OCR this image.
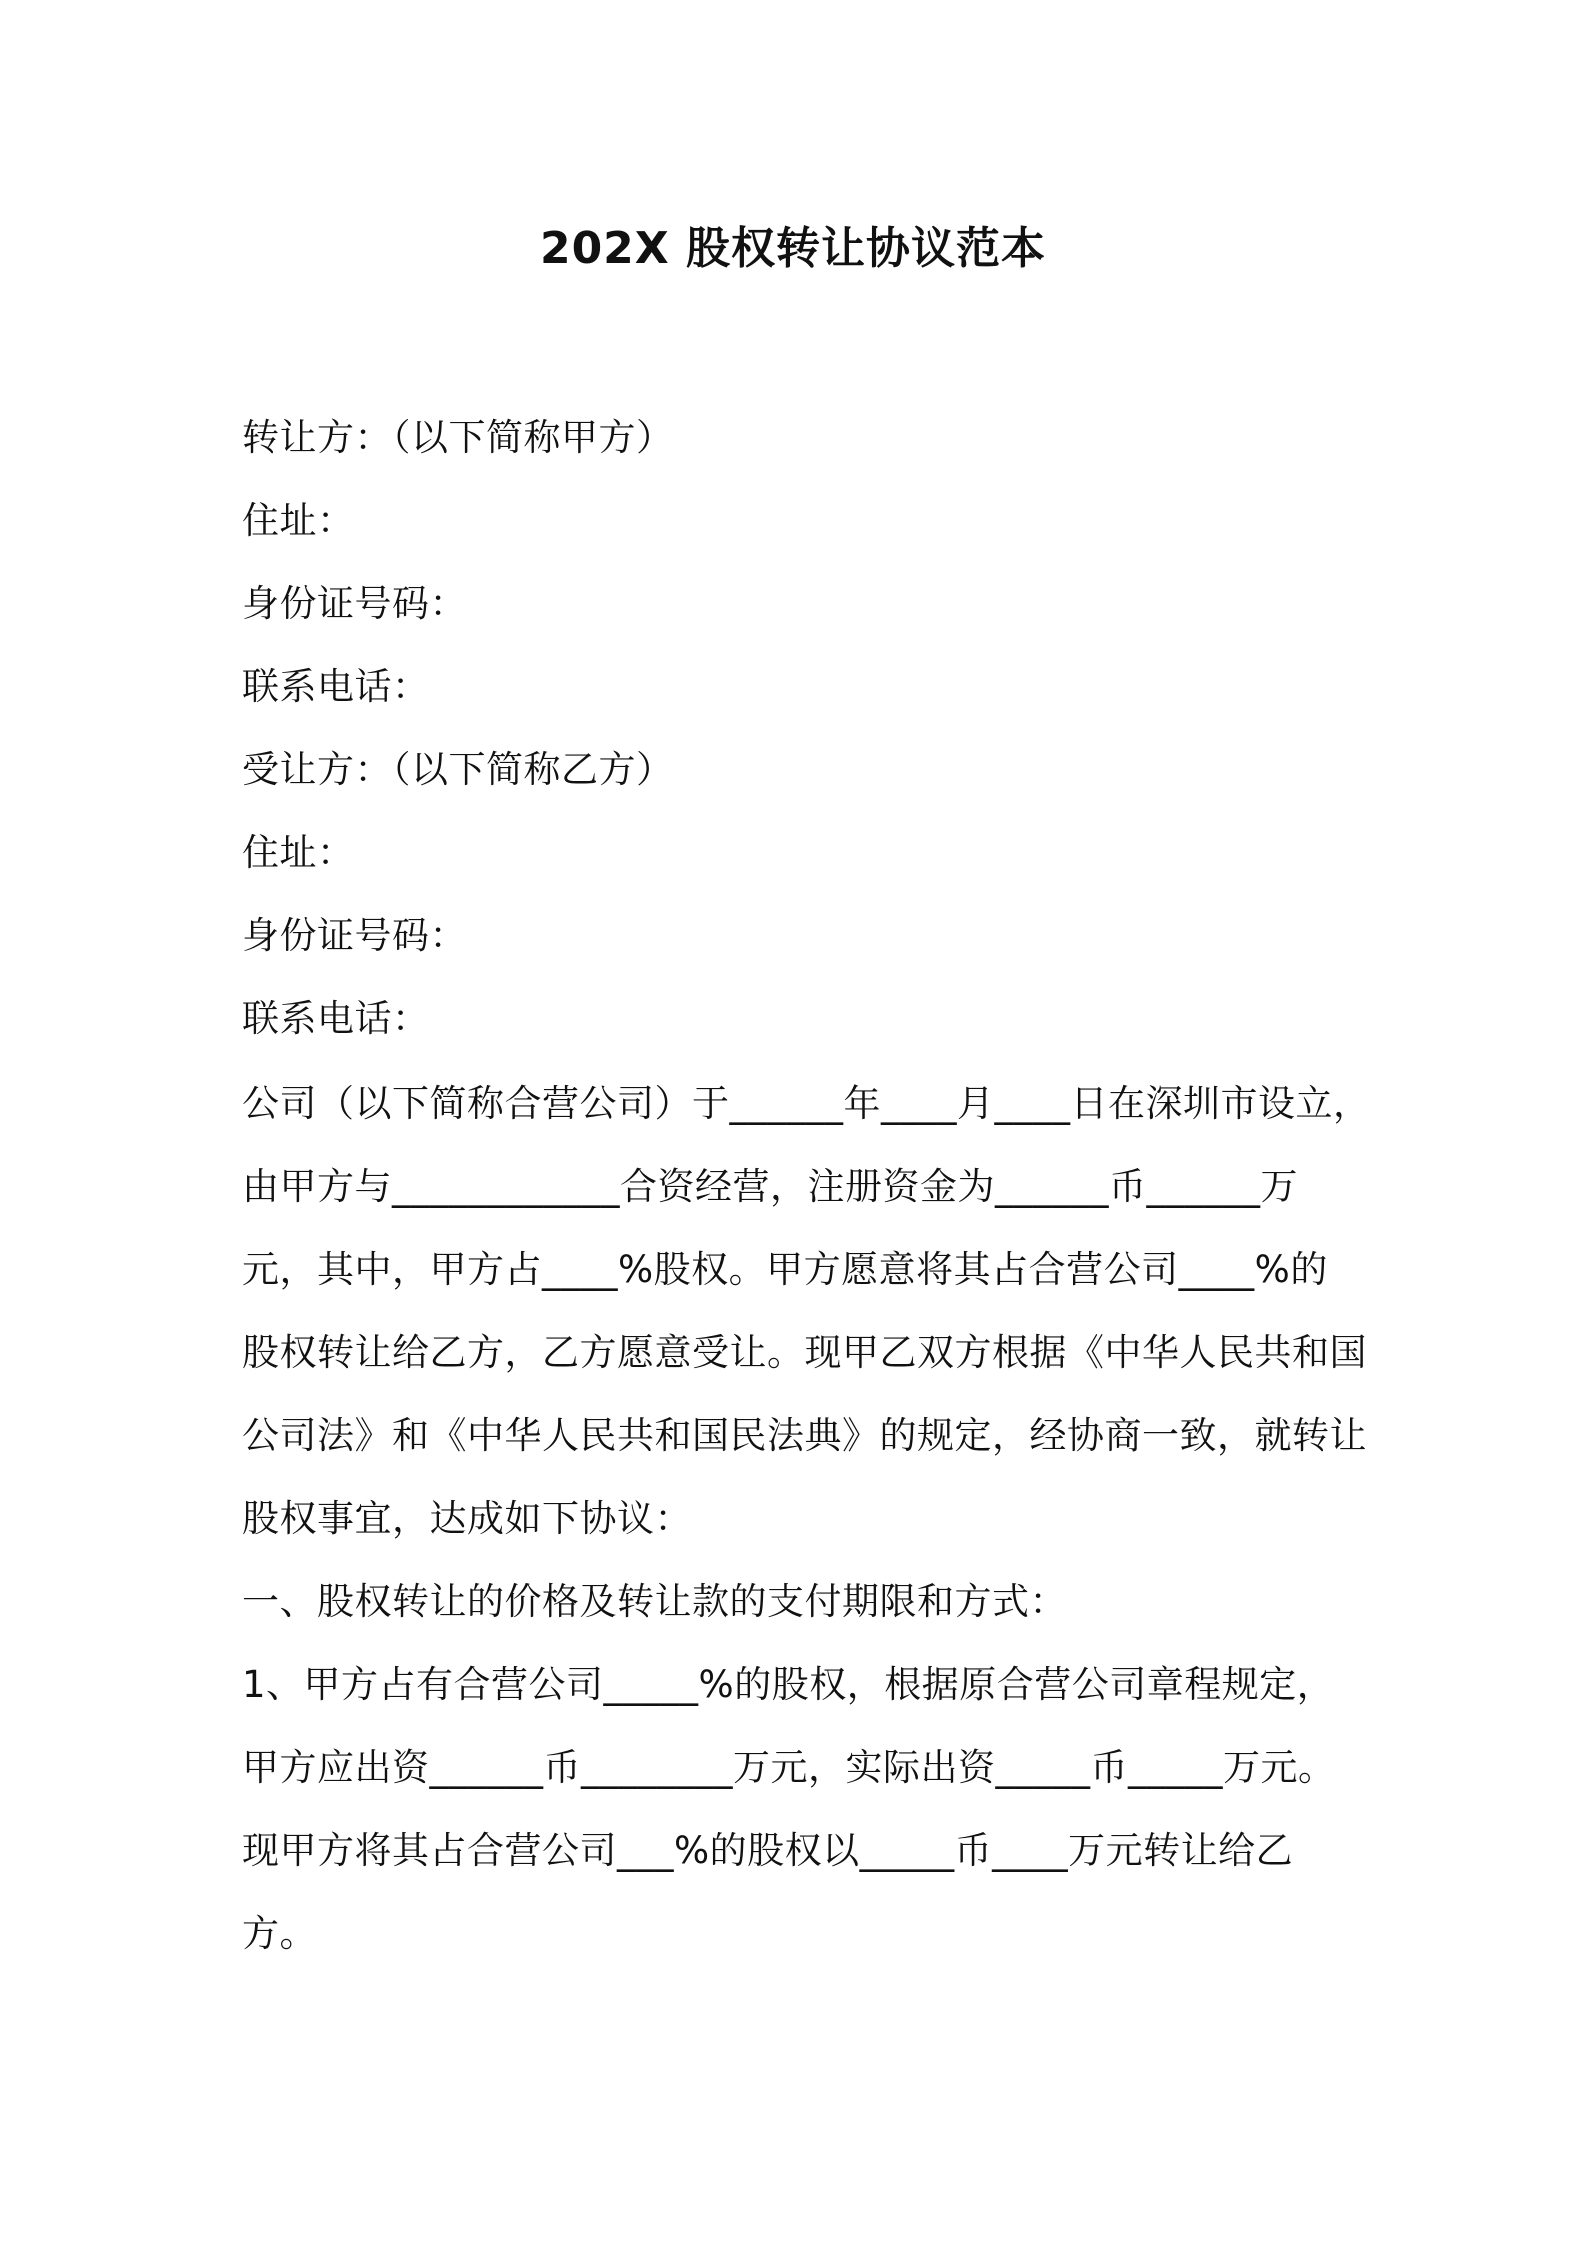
202X 股权转让协议范本
转让方：（以下简称甲方）
住址：
身份证号码：
联系电话：
受让方：（以下简称乙方）
住址：
身份证号码：
联系电话：
公司（以下简称合营公司）于______年____月____日在深圳市设立，
由甲方与____________合资经营，注册资金为______币______万
元，其中，甲方占____%股权。甲方愿意将其占合营公司____%的
股权转让给乙方，乙方愿意受让。现甲乙双方根据《中华人民共和国
公司法》和《中华人民共和国民法典》的规定，经协商一致，就转让
股权事宜，达成如下协议：
一、股权转让的价格及转让款的支付期限和方式：
1、甲方占有合营公司_____%的股权，根据原合营公司章程规定，
甲方应出资______币________万元，实际出资_____币_____万元。
现甲方将其占合营公司___%的股权以_____币____万元转让给乙
方。
